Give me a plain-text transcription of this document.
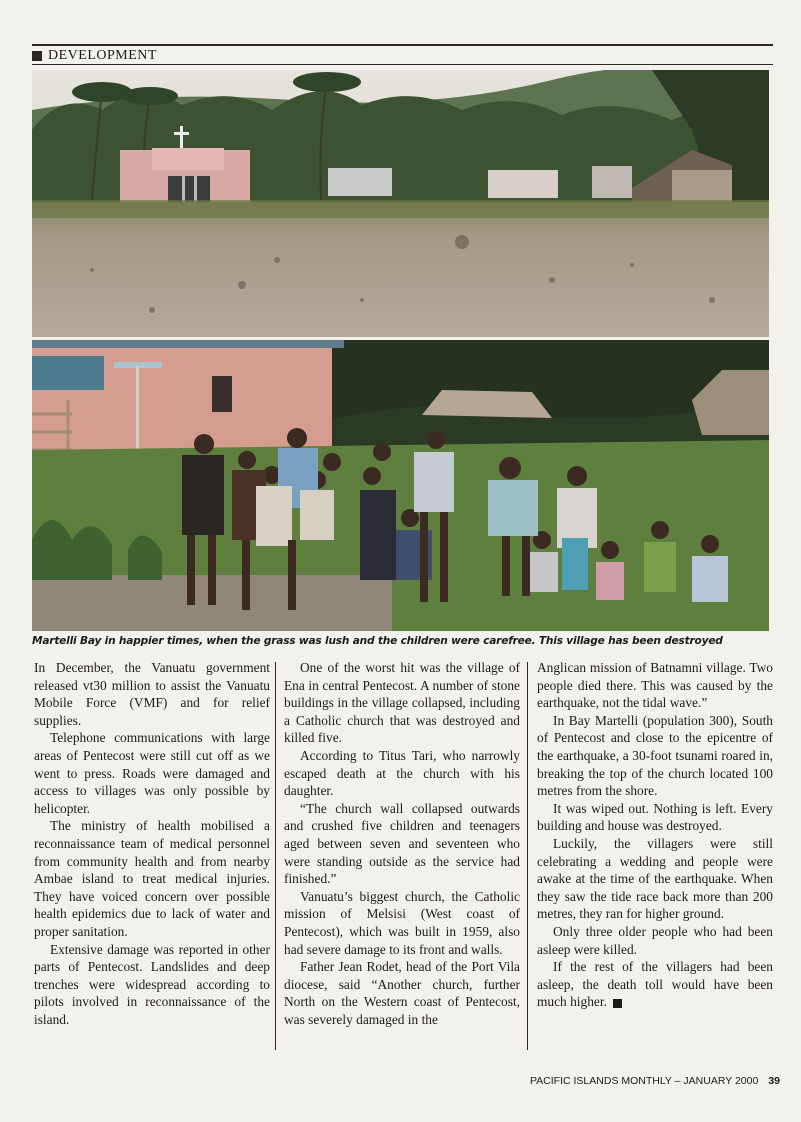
DEVELOPMENT
Martelli Bay in happier times, when the grass was lush and the children were carefree. This village has been destroyed

In December, the Vanuatu government released vt30 million to assist the Vanuatu Mobile Force (VMF) and for relief supplies.

Telephone communications with large areas of Pentecost were still cut off as we went to press. Roads were damaged and access to villages was only possible by helicopter.

The ministry of health mobilised a reconnaissance team of medical personnel from community health and from nearby Ambae island to treat medical injuries. They have voiced concern over possible health epidemics due to lack of water and proper sanitation.

Extensive damage was reported in other parts of Pentecost. Landslides and deep trenches were widespread according to pilots involved in reconnaissance of the island.

One of the worst hit was the village of Ena in central Pentecost. A number of stone buildings in the village collapsed, including a Catholic church that was destroyed and killed five.

According to Titus Tari, who narrowly escaped death at the church with his daughter.

“The church wall collapsed outwards and crushed five children and teenagers aged between seven and seventeen who were standing outside as the service had finished.”

Vanuatu’s biggest church, the Catholic mission of Melsisi (West coast of Pentecost), which was built in 1959, also had severe damage to its front and walls.

Father Jean Rodet, head of the Port Vila diocese, said “Another church, further North on the Western coast of Pentecost, was severely damaged in the

Anglican mission of Batnamni village. Two people died there. This was caused by the earthquake, not the tidal wave.”

In Bay Martelli (population 300), South of Pentecost and close to the epicentre of the earthquake, a 30-foot tsunami roared in, breaking the top of the church located 100 metres from the shore.

It was wiped out. Nothing is left. Every building and house was destroyed.

Luckily, the villagers were still celebrating a wedding and people were awake at the time of the earthquake. When they saw the tide race back more than 200 metres, they ran for higher ground.

Only three older people who had been asleep were killed.

If the rest of the villagers had been asleep, the death toll would have been much higher.

PACIFIC ISLANDS MONTHLY – JANUARY 2000 39
